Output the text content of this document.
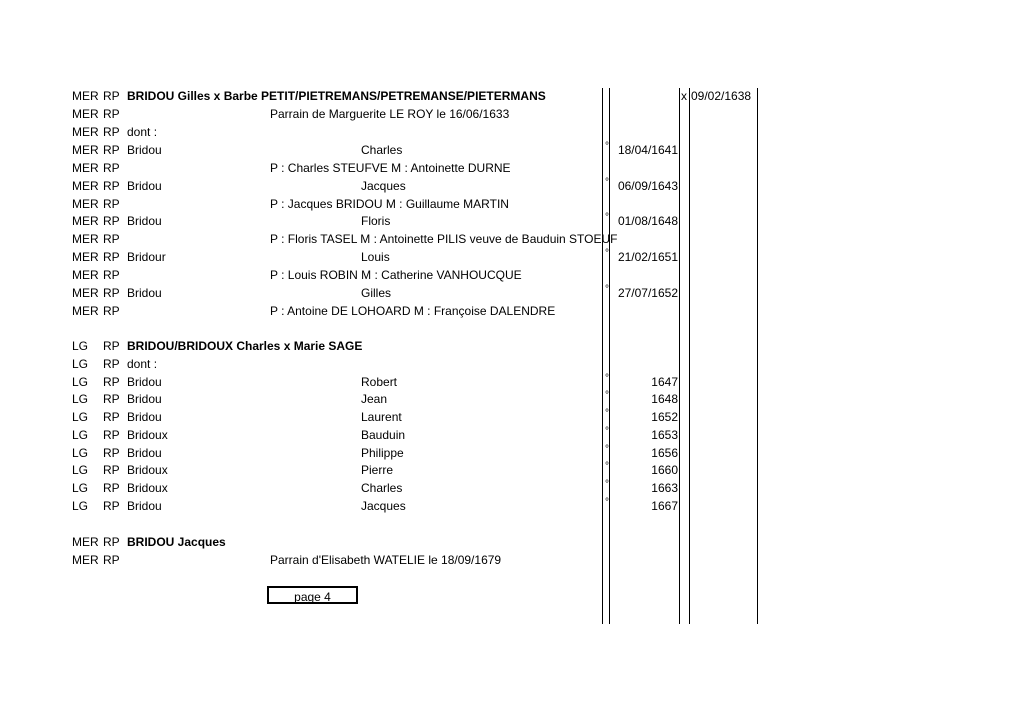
MER RP BRIDOU Gilles x Barbe PETIT/PIETREMANS/PETREMANSE/PIETERMANS	x 09/02/1638
MER RP	Parrain de Marguerite LE ROY le 16/06/1633
MER RP dont :
MER RP Bridou	Charles	° 18/04/1641
MER RP	P : Charles STEUFVE M : Antoinette DURNE
MER RP Bridou	Jacques	° 06/09/1643
MER RP	P : Jacques BRIDOU M : Guillaume MARTIN
MER RP Bridou	Floris	° 01/08/1648
MER RP	P : Floris TASEL M : Antoinette PILIS veuve de Bauduin STOEUF
MER RP Bridour	Louis	° 21/02/1651
MER RP	P : Louis ROBIN M : Catherine VANHOUCQUE
MER RP Bridou	Gilles	° 27/07/1652
MER RP	P : Antoine DE LOHOARD M : Françoise DALENDRE
LG RP BRIDOU/BRIDOUX Charles x Marie SAGE
LG RP dont :
LG RP Bridou	Robert	°	1647
LG RP Bridou	Jean	°	1648
LG RP Bridou	Laurent	°	1652
LG RP Bridoux	Bauduin	°	1653
LG RP Bridou	Philippe	°	1656
LG RP Bridoux	Pierre	°	1660
LG RP Bridoux	Charles	°	1663
LG RP Bridou	Jacques	°	1667
MER RP BRIDOU Jacques
MER RP	Parrain d'Elisabeth WATELIE le 18/09/1679
page 4
